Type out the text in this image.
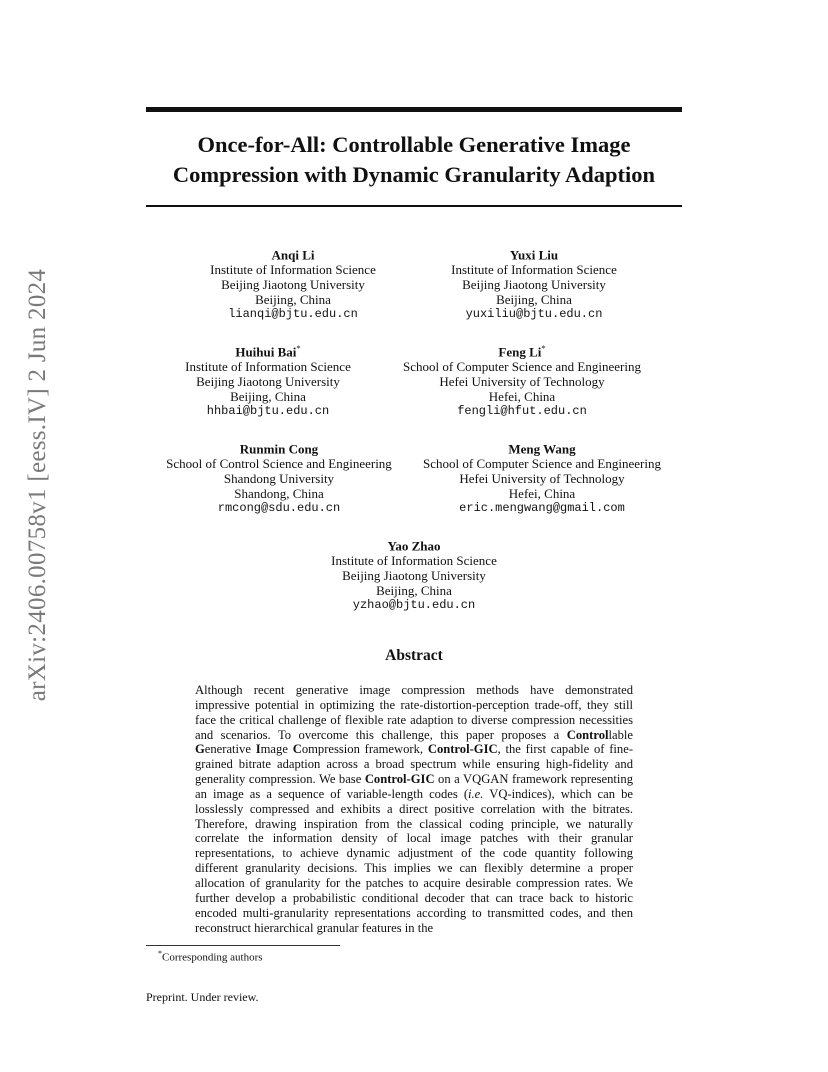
arXiv:2406.00758v1 [eess.IV] 2 Jun 2024
Once-for-All: Controllable Generative Image
Compression with Dynamic Granularity Adaption
Anqi Li
Institute of Information Science
Beijing Jiaotong University
Beijing, China
lianqi@bjtu.edu.cn
Yuxi Liu
Institute of Information Science
Beijing Jiaotong University
Beijing, China
yuxiliu@bjtu.edu.cn
Huihui Bai*
Institute of Information Science
Beijing Jiaotong University
Beijing, China
hhbai@bjtu.edu.cn
Feng Li*
School of Computer Science and Engineering
Hefei University of Technology
Hefei, China
fengli@hfut.edu.cn
Runmin Cong
School of Control Science and Engineering
Shandong University
Shandong, China
rmcong@sdu.edu.cn
Meng Wang
School of Computer Science and Engineering
Hefei University of Technology
Hefei, China
eric.mengwang@gmail.com
Yao Zhao
Institute of Information Science
Beijing Jiaotong University
Beijing, China
yzhao@bjtu.edu.cn
Abstract
Although recent generative image compression methods have demonstrated impressive potential in optimizing the rate-distortion-perception trade-off, they still face the critical challenge of flexible rate adaption to diverse compression necessities and scenarios. To overcome this challenge, this paper proposes a Controllable Generative Image Compression framework, Control-GIC, the first capable of fine-grained bitrate adaption across a broad spectrum while ensuring high-fidelity and generality compression. We base Control-GIC on a VQGAN framework representing an image as a sequence of variable-length codes (i.e. VQ-indices), which can be losslessly compressed and exhibits a direct positive correlation with the bitrates. Therefore, drawing inspiration from the classical coding principle, we naturally correlate the information density of local image patches with their granular representations, to achieve dynamic adjustment of the code quantity following different granularity decisions. This implies we can flexibly determine a proper allocation of granularity for the patches to acquire desirable compression rates. We further develop a probabilistic conditional decoder that can trace back to historic encoded multi-granularity representations according to transmitted codes, and then reconstruct hierarchical granular features in the
*Corresponding authors
Preprint. Under review.
